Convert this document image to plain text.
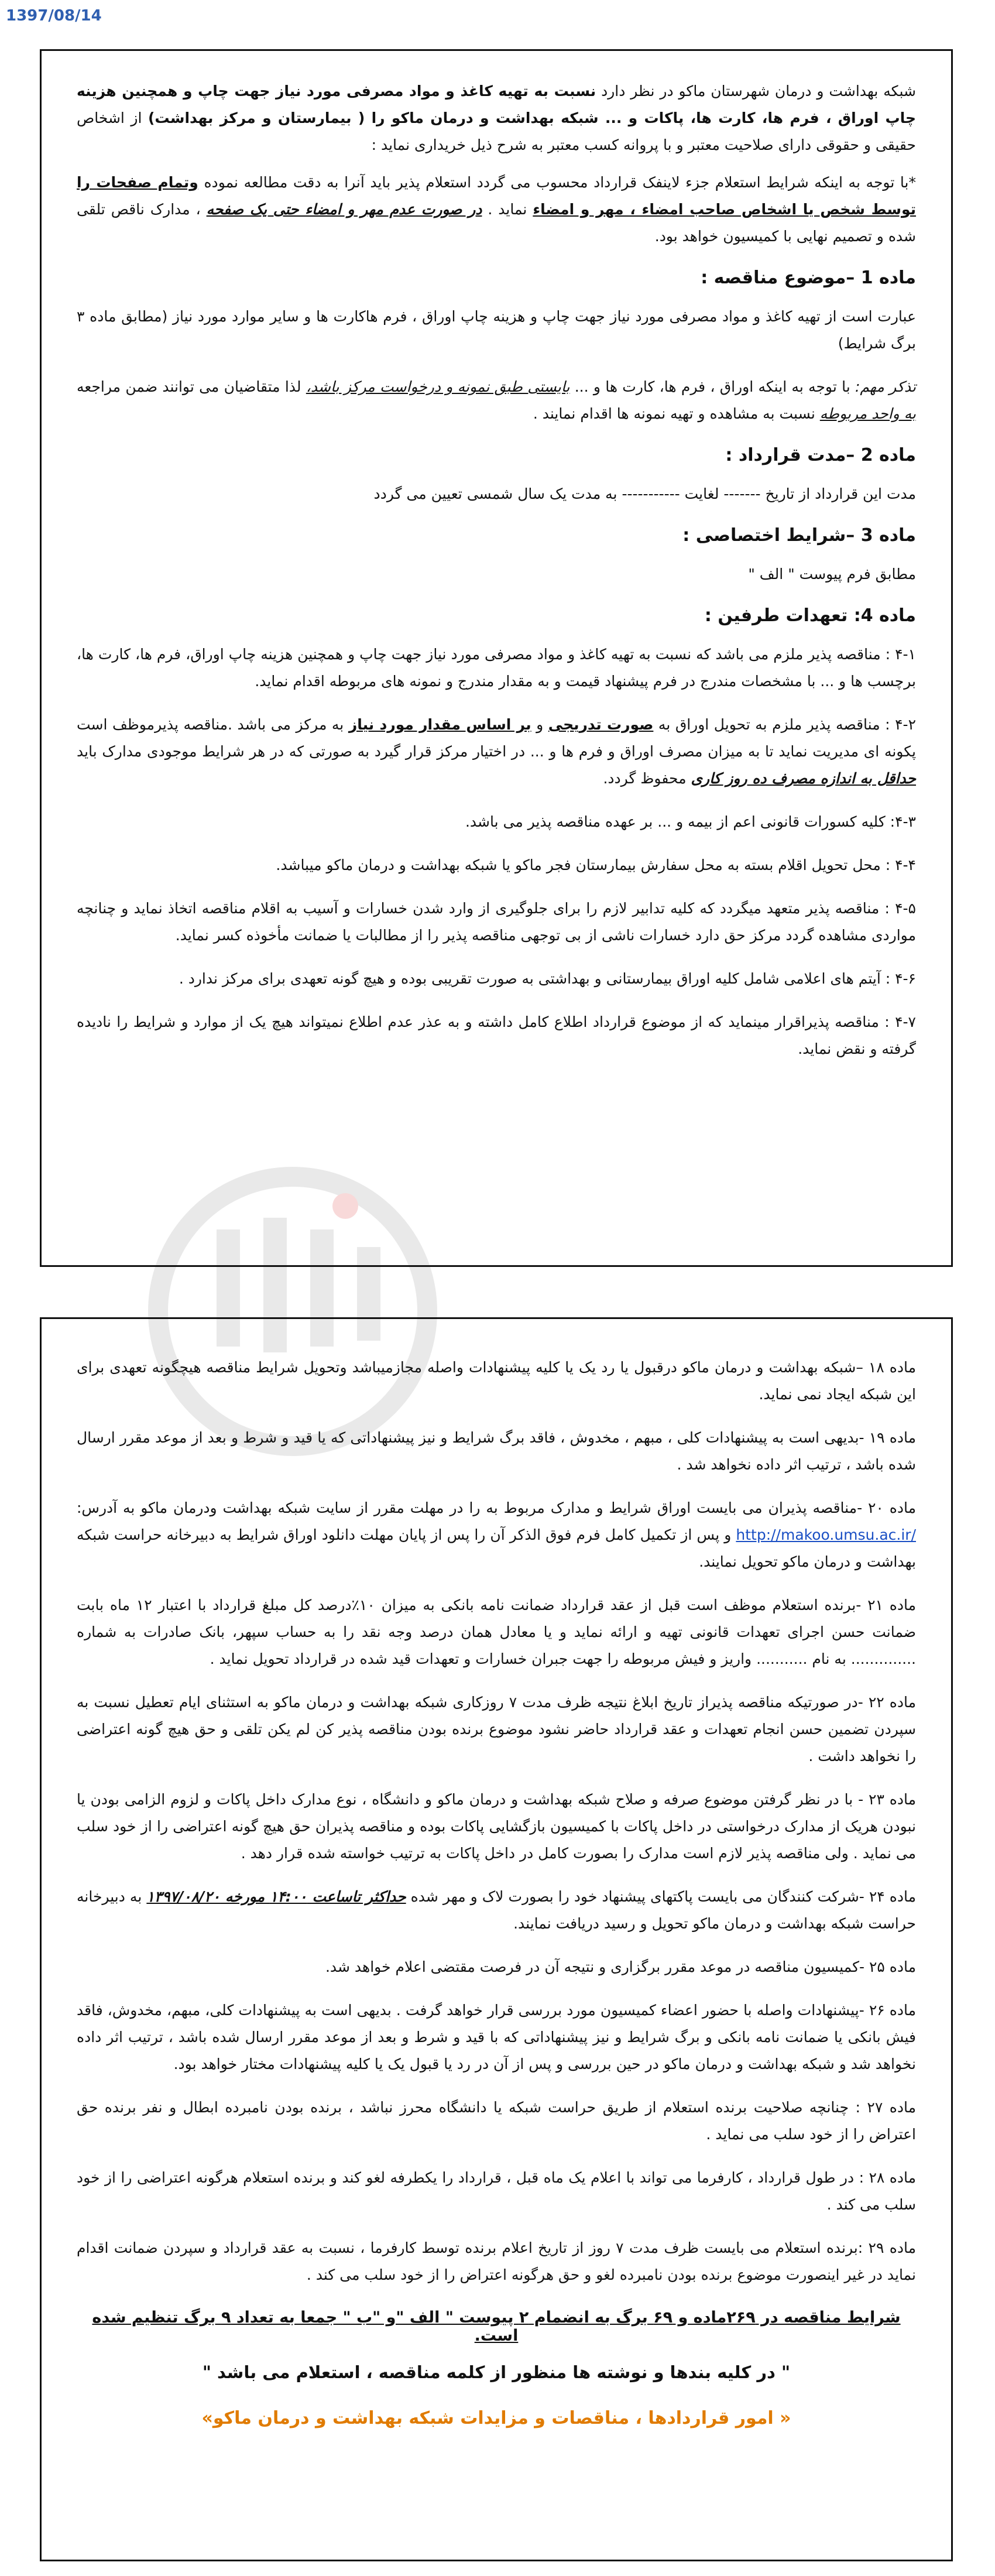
1397/08/14

شبکه بهداشت و درمان شهرستان ماکو در نظر دارد نسبت به تهیه کاغذ و مواد مصرفی مورد نیاز جهت چاپ و همچنین هزینه چاپ اوراق ، فرم ها، کارت ها، پاکات و ... شبکه بهداشت و درمان ماکو را ( بیمارستان و مرکز بهداشت) از اشخاص حقیقی و حقوقی دارای صلاحیت معتبر و با پروانه کسب معتبر به شرح ذیل خریداری نماید :

*با توجه به اینکه شرایط استعلام جزء لاینفک قرارداد محسوب می گردد استعلام پذیر باید آنرا به دقت مطالعه نموده وتمام صفحات را توسط شخص یا اشخاص صاحب امضاء ، مهر و امضاء نماید . در صورت عدم مهر و امضاء حتی یک صفحه ، مدارک ناقص تلقی شده و تصمیم نهایی با کمیسیون خواهد بود.

ماده 1 –موضوع مناقصه :

عبارت است از تهیه کاغذ و مواد مصرفی مورد نیاز جهت چاپ و هزینه چاپ اوراق ، فرم هاکارت ها و سایر موارد مورد نیاز (مطابق ماده ۳ برگ شرایط)

تذکر مهم: با توجه به اینکه اوراق ، فرم ها، کارت ها و ... بایستی طبق نمونه و درخواست مرکز باشد، لذا متقاضیان می توانند ضمن مراجعه به واحد مربوطه نسبت به مشاهده و تهیه نمونه ها اقدام نمایند .

ماده 2 –مدت قرارداد :

مدت این قرارداد از تاریخ ------- لغایت ----------- به مدت یک سال شمسی تعیین می گردد

ماده 3 –شرایط اختصاصی :

مطابق فرم پیوست " الف "

ماده 4: تعهدات طرفین :

۴-۱ : مناقصه پذیر ملزم می باشد که نسبت به تهیه کاغذ و مواد مصرفی مورد نیاز جهت چاپ و همچنین هزینه چاپ اوراق، فرم ها، کارت ها، برچسب ها و ... با مشخصات مندرج در فرم پیشنهاد قیمت و به مقدار مندرج و نمونه های مربوطه اقدام نماید.

۴-۲ : مناقصه پذیر ملزم به تحویل اوراق به صورت تدریجی و بر اساس مقدار مورد نیاز به مرکز می باشد .مناقصه پذیرموظف است پکونه ای مدیریت نماید تا به میزان مصرف اوراق و فرم ها و ... در اختیار مرکز قرار گیرد به صورتی که در هر شرایط موجودی مدارک باید حداقل به اندازه مصرف ده روز کاری محفوظ گردد.

۴-۳: کلیه کسورات قانونی اعم از بیمه و ... بر عهده مناقصه پذیر می باشد.

۴-۴ : محل تحویل اقلام بسته به محل سفارش بیمارستان فجر ماکو یا شبکه بهداشت و درمان ماکو میباشد.

۴-۵ : مناقصه پذیر متعهد میگردد که کلیه تدابیر لازم را برای جلوگیری از وارد شدن خسارات و آسیب به اقلام مناقصه اتخاذ نماید و چنانچه مواردی مشاهده گردد مرکز حق دارد خسارات ناشی از بی توجهی مناقصه پذیر را از مطالبات یا ضمانت مأخوذه کسر نماید.

۴-۶ : آیتم های اعلامی شامل کلیه اوراق بیمارستانی و بهداشتی به صورت تقریبی بوده و هیچ گونه تعهدی برای مرکز ندارد .

۴-۷ : مناقصه پذیراقرار مینماید که از موضوع قرارداد اطلاع کامل داشته و به عذر عدم اطلاع نمیتواند هیچ یک از موارد و شرایط را نادیده گرفته و نقض نماید.

ماده ۱۸ –شبکه بهداشت و درمان ماکو درقبول یا رد یک یا کلیه پیشنهادات واصله مجازمیباشد وتحویل شرایط مناقصه هیچگونه تعهدی برای این شبکه ایجاد نمی نماید.

ماده ۱۹ -بدیهی است به پیشنهادات کلی ، مبهم ، مخدوش ، فاقد برگ شرایط و نیز پیشنهاداتی که یا قید و شرط و بعد از موعد مقرر ارسال شده باشد ، ترتیب اثر داده نخواهد شد .

ماده ۲۰ -مناقصه پذیران می بایست اوراق شرایط و مدارک مربوط به را در مهلت مقرر از سایت شبکه بهداشت ودرمان ماکو به آدرس: http://makoo.umsu.ac.ir/ و پس از تکمیل کامل فرم فوق الذکر آن را پس از پایان مهلت دانلود اوراق شرایط به دبیرخانه حراست شبکه بهداشت و درمان ماکو تحویل نمایند.

ماده ۲۱ -برنده استعلام موظف است قبل از عقد قرارداد ضمانت نامه بانکی به میزان ۱۰٪درصد کل مبلغ قرارداد با اعتبار ۱۲ ماه بابت ضمانت حسن اجرای تعهدات قانونی تهیه و ارائه نماید و یا معادل همان درصد وجه نقد را به حساب سپهر، بانک صادرات به شماره .............. به نام ........... واریز و فیش مربوطه را جهت جبران خسارات و تعهدات قید شده در قرارداد تحویل نماید .

ماده ۲۲ -در صورتیکه مناقصه پذیراز تاریخ ابلاغ نتیجه ظرف مدت ۷ روزکاری شبکه بهداشت و درمان ماکو به استثنای ایام تعطیل نسبت به سپردن تضمین حسن انجام تعهدات و عقد قرارداد حاضر نشود موضوع برنده بودن مناقصه پذیر کن لم یکن تلقی و حق هیچ گونه اعتراضی را نخواهد داشت .

ماده ۲۳ - با در نظر گرفتن موضوع صرفه و صلاح شبکه بهداشت و درمان ماکو و دانشگاه ، نوع مدارک داخل پاکات و لزوم الزامی بودن یا نبودن هریک از مدارک درخواستی در داخل پاکات با کمیسیون بازگشایی پاکات بوده و مناقصه پذیران حق هیچ گونه اعتراضی را از خود سلب می نماید . ولی مناقصه پذیر لازم است مدارک را بصورت کامل در داخل پاکات به ترتیب خواسته شده قرار دهد .

ماده ۲۴ -شرکت کنندگان می بایست پاکتهای پیشنهاد خود را بصورت لاک و مهر شده حداکثر تاساعت ۱۴:۰۰ مورخه ۱۳۹۷/۰۸/۲۰ به دبیرخانه حراست شبکه بهداشت و درمان ماکو تحویل و رسید دریافت نمایند.

ماده ۲۵ -کمیسیون مناقصه در موعد مقرر برگزاری و نتیجه آن در فرصت مقتضی اعلام خواهد شد.

ماده ۲۶ -پیشنهادات واصله با حضور اعضاء کمیسیون مورد بررسی قرار خواهد گرفت . بدیهی است به پیشنهادات کلی، مبهم، مخدوش، فاقد فیش بانکی یا ضمانت نامه بانکی و برگ شرایط و نیز پیشنهاداتی که با قید و شرط و بعد از موعد مقرر ارسال شده باشد ، ترتیب اثر داده نخواهد شد و شبکه بهداشت و درمان ماکو در حین بررسی و پس از آن در رد یا قبول یک یا کلیه پیشنهادات مختار خواهد بود.

ماده ۲۷ : چنانچه صلاحیت برنده استعلام از طریق حراست شبکه یا دانشگاه محرز نباشد ، برنده بودن نامبرده ابطال و نفر برنده حق اعتراض را از خود سلب می نماید .

ماده ۲۸ : در طول قرارداد ، کارفرما می تواند با اعلام یک ماه قبل ، قرارداد را یکطرفه لغو کند و برنده استعلام هرگونه اعتراضی را از خود سلب می کند .

ماده ۲۹ :برنده استعلام می بایست ظرف مدت ۷ روز از تاریخ اعلام برنده توسط کارفرما ، نسبت به عقد قرارداد و سپردن ضمانت اقدام نماید در غیر اینصورت موضوع برنده بودن نامبرده لغو و حق هرگونه اعتراض را از خود سلب می کند .

شرایط مناقصه در ۲۶۹ماده و ۶۹ برگ به انضمام ۲ پیوست " الف "و "ب " جمعا به تعداد ۹ برگ تنظیم شده است.
" در کلیه بندها و نوشته ها منظور از کلمه مناقصه ، استعلام می باشد "
« امور قراردادها ، مناقصات و مزایدات شبکه بهداشت و درمان ماکو»
